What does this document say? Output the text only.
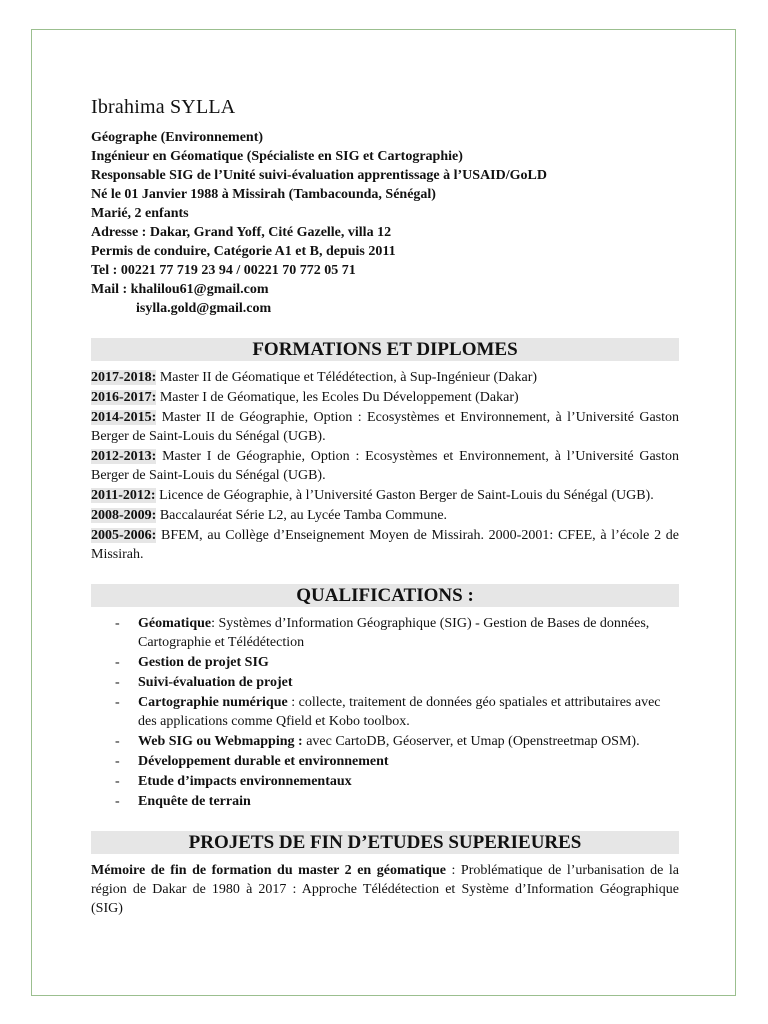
Ibrahima SYLLA
Géographe (Environnement)
Ingénieur en Géomatique (Spécialiste en SIG et Cartographie)
Responsable SIG de l’Unité suivi-évaluation apprentissage à l’USAID/GoLD
Né le 01 Janvier 1988 à Missirah (Tambacounda, Sénégal)
Marié, 2 enfants
Adresse : Dakar, Grand Yoff, Cité Gazelle, villa 12
Permis de conduire, Catégorie A1 et B, depuis 2011
Tel : 00221 77 719 23 94 / 00221 70 772 05 71
Mail : khalilou61@gmail.com
isylla.gold@gmail.com
FORMATIONS ET DIPLOMES
2017-2018: Master II de Géomatique et Télédétection, à Sup-Ingénieur (Dakar)
2016-2017: Master I de Géomatique, les Ecoles Du Développement (Dakar)
2014-2015: Master II de Géographie, Option : Ecosystèmes et Environnement, à l’Université Gaston Berger de Saint-Louis du Sénégal (UGB).
2012-2013: Master I de Géographie, Option : Ecosystèmes et Environnement, à l’Université Gaston Berger de Saint-Louis du Sénégal (UGB).
2011-2012: Licence de Géographie, à l’Université Gaston Berger de Saint-Louis du Sénégal (UGB).
2008-2009: Baccalauréat Série L2, au Lycée Tamba Commune.
2005-2006: BFEM, au Collège d’Enseignement Moyen de Missirah. 2000-2001: CFEE, à l’école 2 de Missirah.
QUALIFICATIONS :
- Géomatique: Systèmes d’Information Géographique (SIG) - Gestion de Bases de données, Cartographie et Télédétection
- Gestion de projet SIG
- Suivi-évaluation de projet
- Cartographie numérique : collecte, traitement de données géo spatiales et attributaires avec des applications comme Qfield et Kobo toolbox.
- Web SIG ou Webmapping : avec CartoDB, Géoserver, et Umap (Openstreetmap OSM).
- Développement durable et environnement
- Etude d’impacts environnementaux
- Enquête de terrain
PROJETS DE FIN D’ETUDES SUPERIEURES
Mémoire de fin de formation du master 2 en géomatique : Problématique de l’urbanisation de la région de Dakar de 1980 à 2017 : Approche Télédétection et Système d’Information Géographique (SIG)
